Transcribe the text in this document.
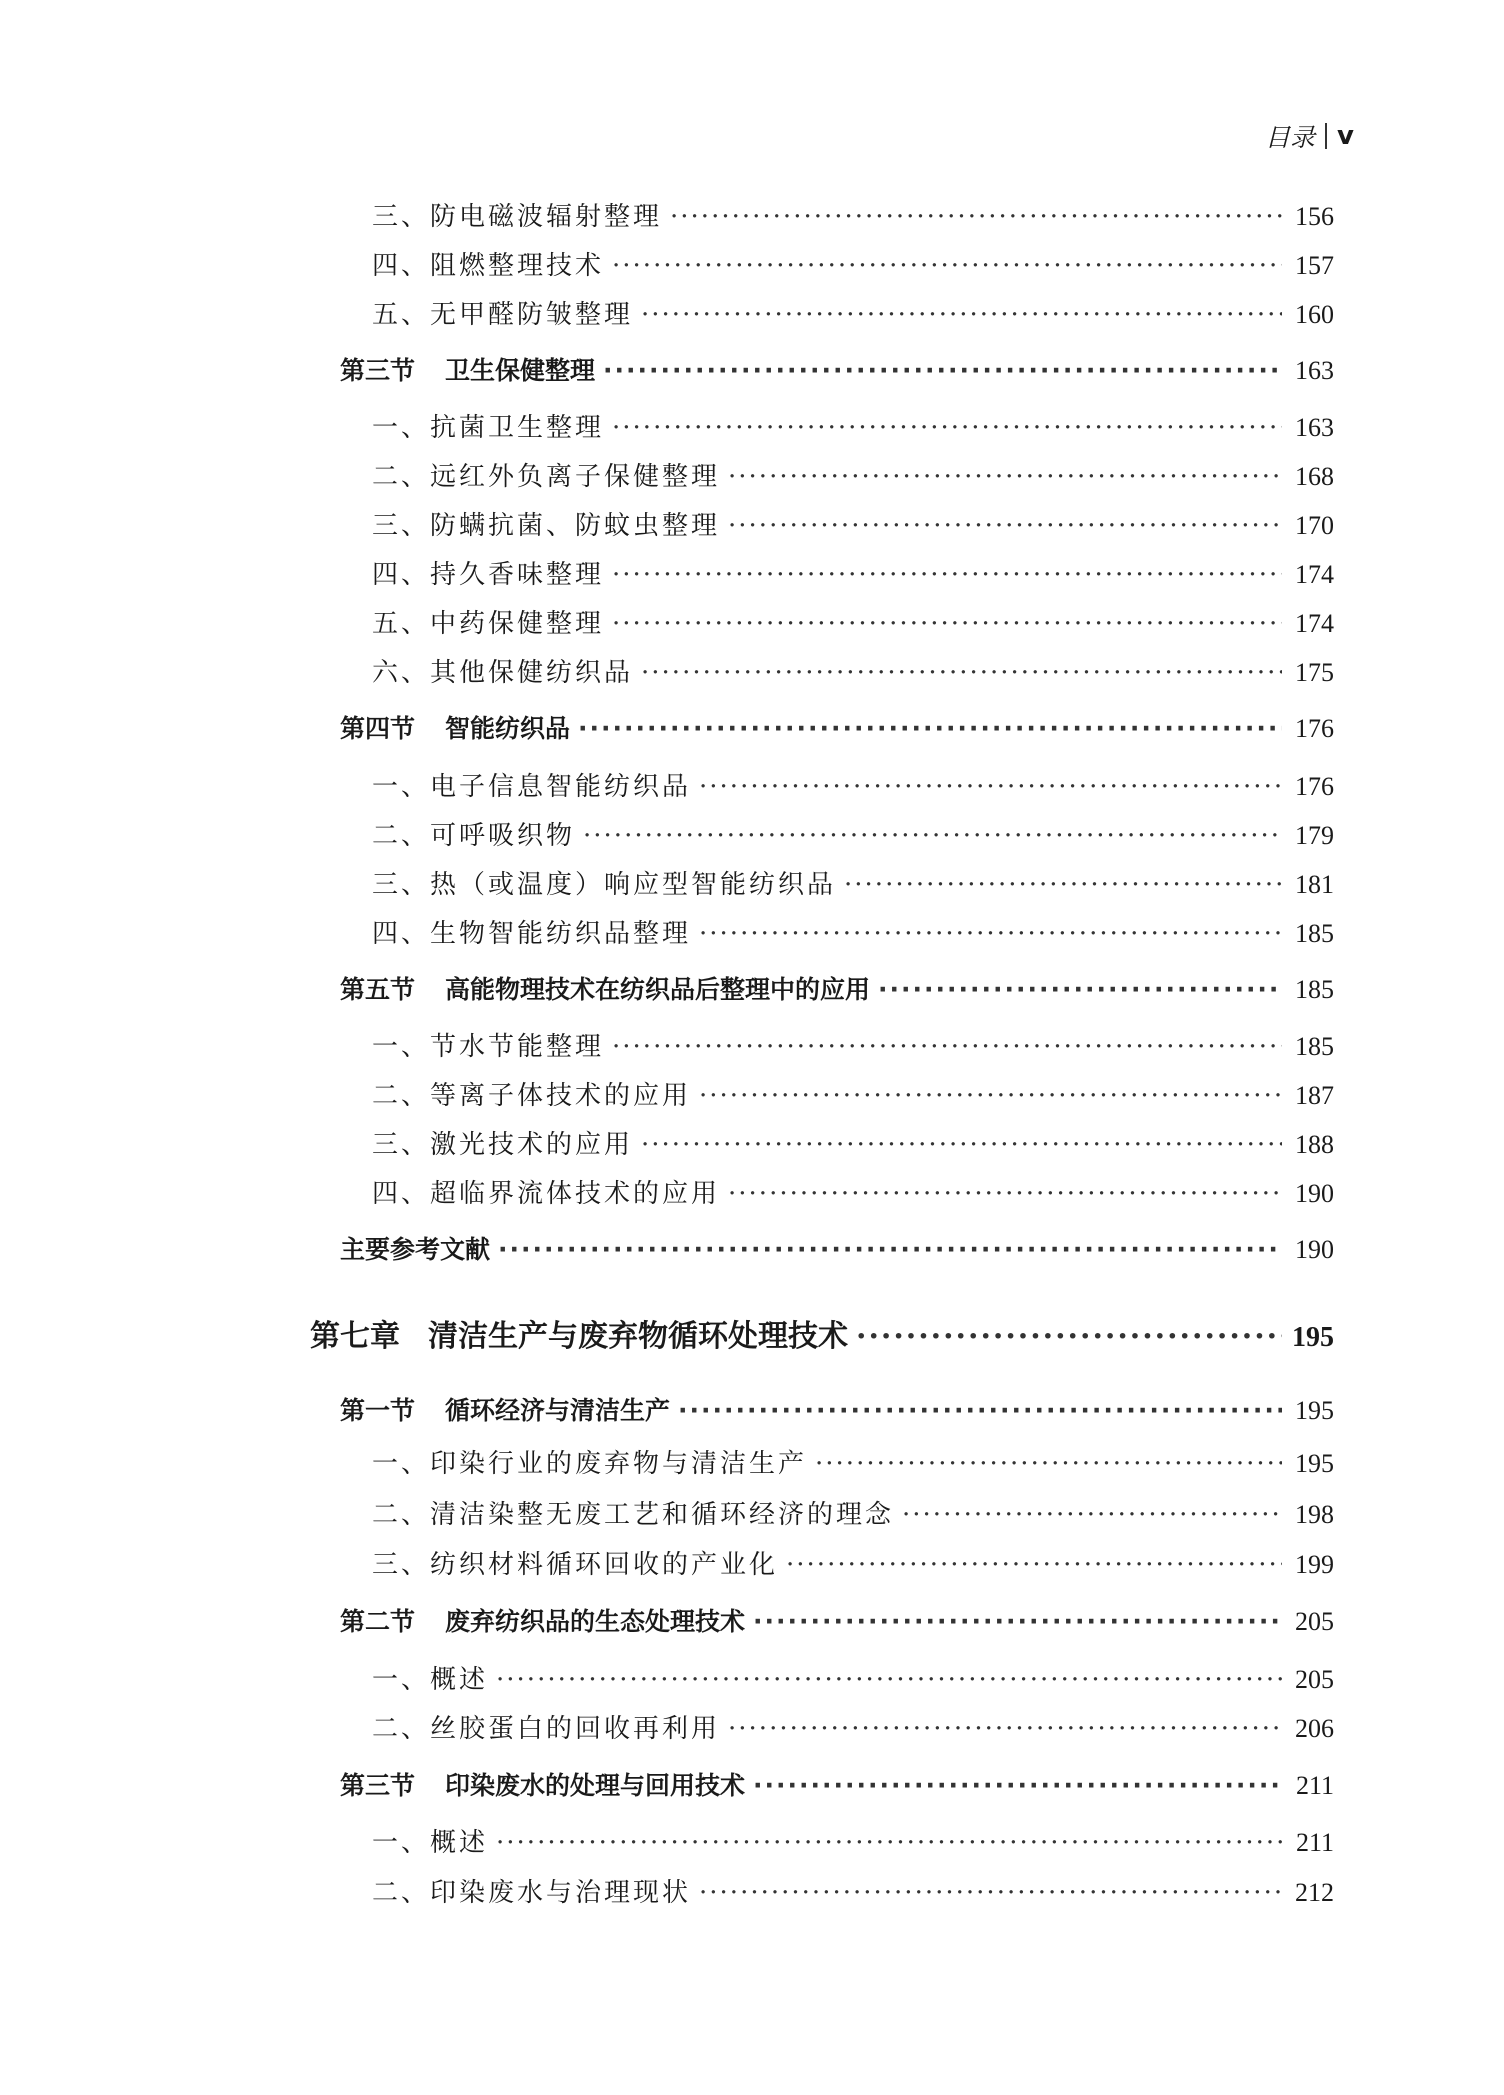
目录 v
三、防电磁波辐射整理 ·····	156
四、阻燃整理技术 ·····	157
五、无甲醛防皱整理 ·····	160
第三节 卫生保健整理 ·····	163
一、抗菌卫生整理 ·····	163
二、远红外负离子保健整理 ·····	168
三、防螨抗菌、防蚊虫整理 ·····	170
四、持久香味整理 ·····	174
五、中药保健整理 ·····	174
六、其他保健纺织品 ·····	175
第四节 智能纺织品 ·····	176
一、电子信息智能纺织品 ·····	176
二、可呼吸织物 ·····	179
三、热（或温度）响应型智能纺织品 ·····	181
四、生物智能纺织品整理 ·····	185
第五节 高能物理技术在纺织品后整理中的应用 ·····	185
一、节水节能整理 ·····	185
二、等离子体技术的应用 ·····	187
三、激光技术的应用 ·····	188
四、超临界流体技术的应用 ·····	190
主要参考文献 ·····	190
第七章 清洁生产与废弃物循环处理技术 ·····	195
第一节 循环经济与清洁生产 ·····	195
一、印染行业的废弃物与清洁生产 ·····	195
二、清洁染整无废工艺和循环经济的理念 ·····	198
三、纺织材料循环回收的产业化 ·····	199
第二节 废弃纺织品的生态处理技术 ·····	205
一、概述 ·····	205
二、丝胶蛋白的回收再利用 ·····	206
第三节 印染废水的处理与回用技术 ·····	211
一、概述 ·····	211
二、印染废水与治理现状 ·····	212
